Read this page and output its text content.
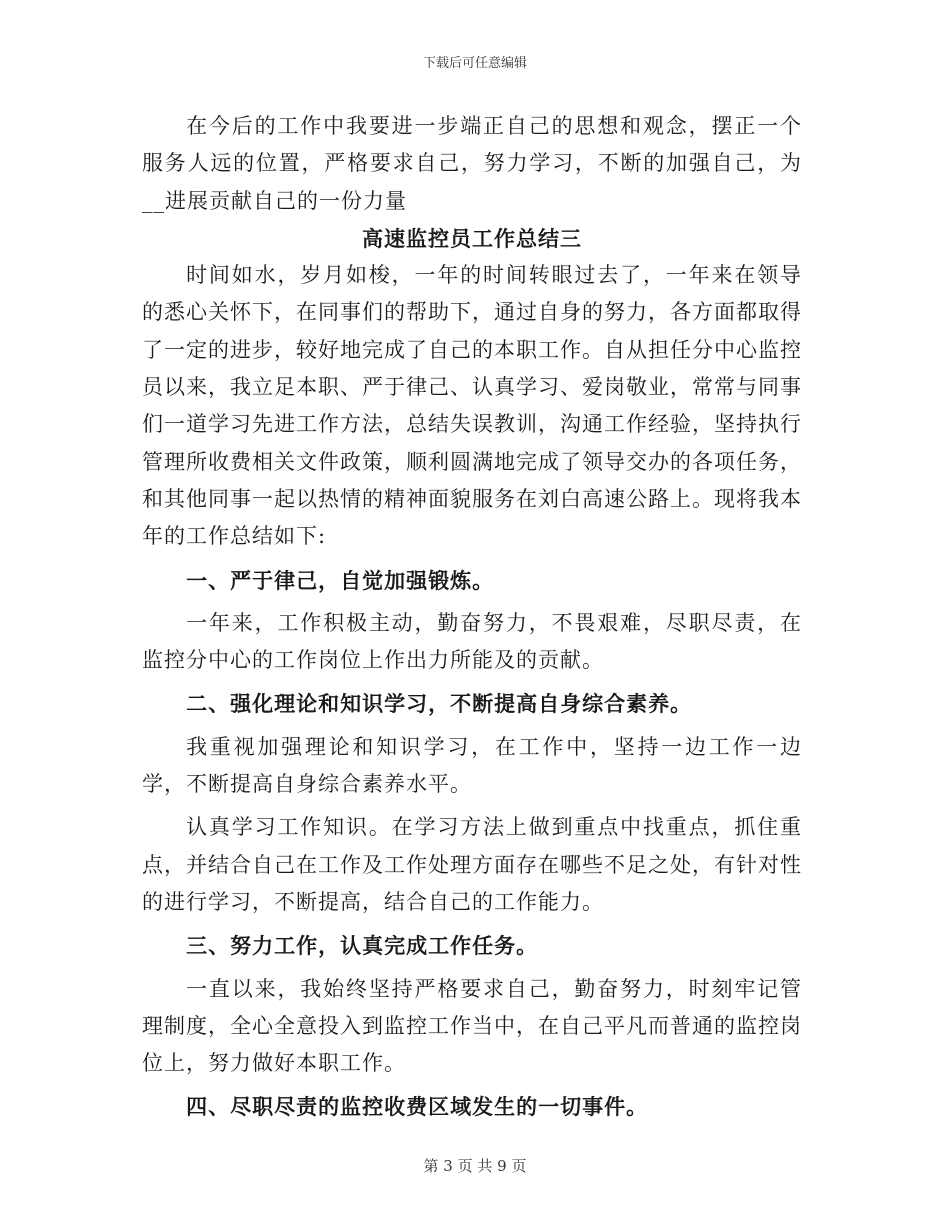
下载后可任意编辑

在今后的工作中我要进一步端正自己的思想和观念，摆正一个服务人远的位置，严格要求自己，努力学习，不断的加强自己，为__进展贡献自己的一份力量

高速监控员工作总结三

时间如水，岁月如梭，一年的时间转眼过去了，一年来在领导的悉心关怀下，在同事们的帮助下，通过自身的努力，各方面都取得了一定的进步，较好地完成了自己的本职工作。自从担任分中心监控员以来，我立足本职、严于律己、认真学习、爱岗敬业，常常与同事们一道学习先进工作方法，总结失误教训，沟通工作经验，坚持执行管理所收费相关文件政策，顺利圆满地完成了领导交办的各项任务，和其他同事一起以热情的精神面貌服务在刘白高速公路上。现将我本年的工作总结如下:

一、严于律己，自觉加强锻炼。

一年来，工作积极主动，勤奋努力，不畏艰难，尽职尽责，在监控分中心的工作岗位上作出力所能及的贡献。

二、强化理论和知识学习，不断提高自身综合素养。

我重视加强理论和知识学习，在工作中，坚持一边工作一边学，不断提高自身综合素养水平。

认真学习工作知识。在学习方法上做到重点中找重点，抓住重点，并结合自己在工作及工作处理方面存在哪些不足之处，有针对性的进行学习，不断提高，结合自己的工作能力。

三、努力工作，认真完成工作任务。

一直以来，我始终坚持严格要求自己，勤奋努力，时刻牢记管理制度，全心全意投入到监控工作当中，在自己平凡而普通的监控岗位上，努力做好本职工作。

四、尽职尽责的监控收费区域发生的一切事件。

第 3 页 共 9 页
